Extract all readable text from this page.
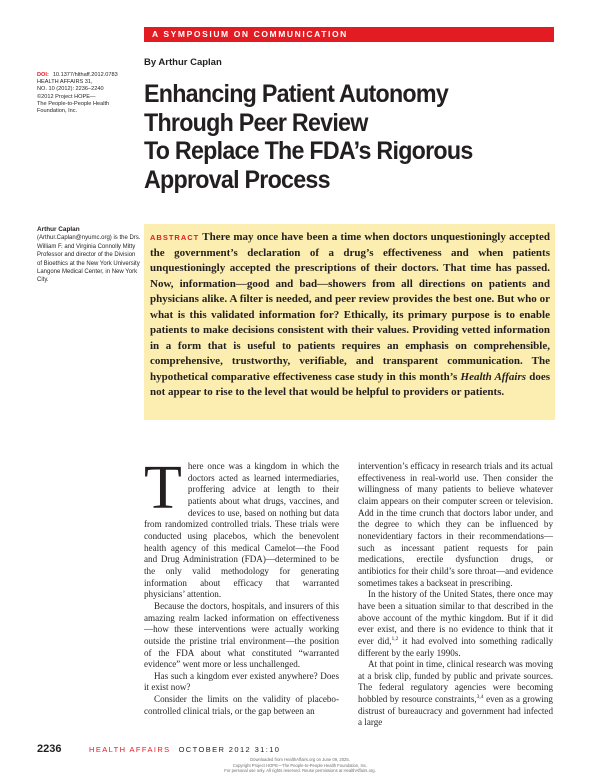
A SYMPOSIUM ON COMMUNICATION
By Arthur Caplan
DOI: 10.1377/hlthaff.2012.0783
HEALTH AFFAIRS 31,
NO. 10 (2012): 2236–2240
©2012 Project HOPE—
The People-to-People Health
Foundation, Inc.
Enhancing Patient Autonomy
Through Peer Review
To Replace The FDA’s Rigorous
Approval Process
Arthur Caplan
(Arthur.Caplan@nyumc.org) is the Drs. William F. and Virginia Connolly Mitty Professor and director of the Division of Bioethics at the New York University Langone Medical Center, in New York City.
ABSTRACT There may once have been a time when doctors unquestioningly accepted the government’s declaration of a drug’s effectiveness and when patients unquestioningly accepted the prescriptions of their doctors. That time has passed. Now, information—good and bad—showers from all directions on patients and physicians alike. A filter is needed, and peer review provides the best one. But who or what is this validated information for? Ethically, its primary purpose is to enable patients to make decisions consistent with their values. Providing vetted information in a form that is useful to patients requires an emphasis on comprehensible, comprehensive, trustworthy, verifiable, and transparent communication. The hypothetical comparative effectiveness case study in this month’s Health Affairs does not appear to rise to the level that would be helpful to providers or patients.

There once was a kingdom in which the doctors acted as learned intermediaries, proffering advice at length to their patients about what drugs, vaccines, and devices to use, based on nothing but data from randomized controlled trials. These trials were conducted using placebos, which the benevolent health agency of this medical Camelot—the Food and Drug Administration (FDA)—determined to be the only valid methodology for generating information about efficacy that warranted physicians’ attention.

Because the doctors, hospitals, and insurers of this amazing realm lacked information on effectiveness—how these interventions were actually working outside the pristine trial environment—the position of the FDA about what constituted “warranted evidence” went more or less unchallenged.

Has such a kingdom ever existed anywhere? Does it exist now?

Consider the limits on the validity of placebo-controlled clinical trials, or the gap between an

intervention’s efficacy in research trials and its actual effectiveness in real-world use. Then consider the willingness of many patients to believe whatever claim appears on their computer screen or television. Add in the time crunch that doctors labor under, and the degree to which they can be influenced by nonevidentiary factors in their recommendations—such as incessant patient requests for pain medications, erectile dysfunction drugs, or antibiotics for their child’s sore throat—and evidence sometimes takes a backseat in prescribing.

In the history of the United States, there once may have been a situation similar to that described in the above account of the mythic kingdom. But if it did ever exist, and there is no evidence to think that it ever did,$^{1,2}$ it had evolved into something radically different by the early 1990s.

At that point in time, clinical research was moving at a brisk clip, funded by public and private sources. The federal regulatory agencies were becoming hobbled by resource constraints,$^{3,4}$ even as a growing distrust of bureaucracy and government had infected a large

2236	HEALTH AFFAIRS OCTOBER 2012 31:10
Downloaded from HealthAffairs.org on June 09, 2025.
Copyright Project HOPE—The People-to-People Health Foundation, Inc.
For personal use only. All rights reserved. Reuse permissions at HealthAffairs.org.
